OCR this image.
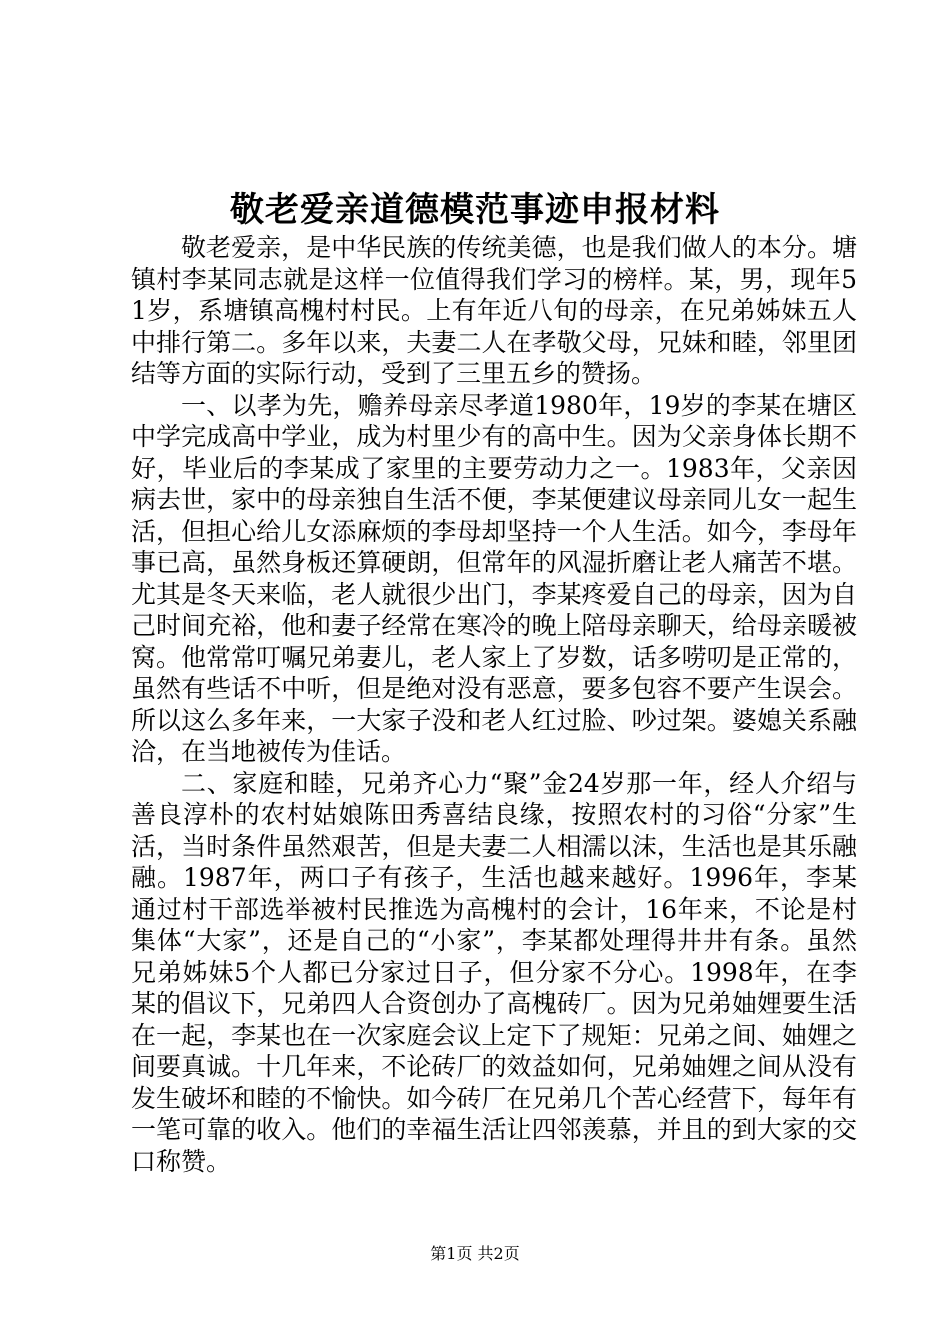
敬老爱亲道德模范事迹申报材料

敬老爱亲，是中华民族的传统美德，也是我们做人的本分。塘镇村李某同志就是这样一位值得我们学习的榜样。某，男，现年51岁，系塘镇高槐村村民。上有年近八旬的母亲，在兄弟姊妹五人中排行第二。多年以来，夫妻二人在孝敬父母，兄妹和睦，邻里团结等方面的实际行动，受到了三里五乡的赞扬。

一、以孝为先，赡养母亲尽孝道1980年，19岁的李某在塘区中学完成高中学业，成为村里少有的高中生。因为父亲身体长期不好，毕业后的李某成了家里的主要劳动力之一。1983年，父亲因病去世，家中的母亲独自生活不便，李某便建议母亲同儿女一起生活，但担心给儿女添麻烦的李母却坚持一个人生活。如今，李母年事已高，虽然身板还算硬朗，但常年的风湿折磨让老人痛苦不堪。尤其是冬天来临，老人就很少出门，李某疼爱自己的母亲，因为自己时间充裕，他和妻子经常在寒冷的晚上陪母亲聊天，给母亲暖被窝。他常常叮嘱兄弟妻儿，老人家上了岁数，话多唠叨是正常的，虽然有些话不中听，但是绝对没有恶意，要多包容不要产生误会。所以这么多年来，一大家子没和老人红过脸、吵过架。婆媳关系融洽，在当地被传为佳话。

二、家庭和睦，兄弟齐心力“聚”金24岁那一年，经人介绍与善良淳朴的农村姑娘陈田秀喜结良缘，按照农村的习俗“分家”生活，当时条件虽然艰苦，但是夫妻二人相濡以沫，生活也是其乐融融。1987年，两口子有孩子，生活也越来越好。1996年，李某通过村干部选举被村民推选为高槐村的会计，16年来，不论是村集体“大家”，还是自己的“小家”，李某都处理得井井有条。虽然兄弟姊妹5个人都已分家过日子，但分家不分心。1998年，在李某的倡议下，兄弟四人合资创办了高槐砖厂。因为兄弟妯娌要生活在一起，李某也在一次家庭会议上定下了规矩：兄弟之间、妯娌之间要真诚。十几年来，不论砖厂的效益如何，兄弟妯娌之间从没有发生破坏和睦的不愉快。如今砖厂在兄弟几个苦心经营下，每年有一笔可靠的收入。他们的幸福生活让四邻羡慕，并且的到大家的交口称赞。

第1页 共2页
